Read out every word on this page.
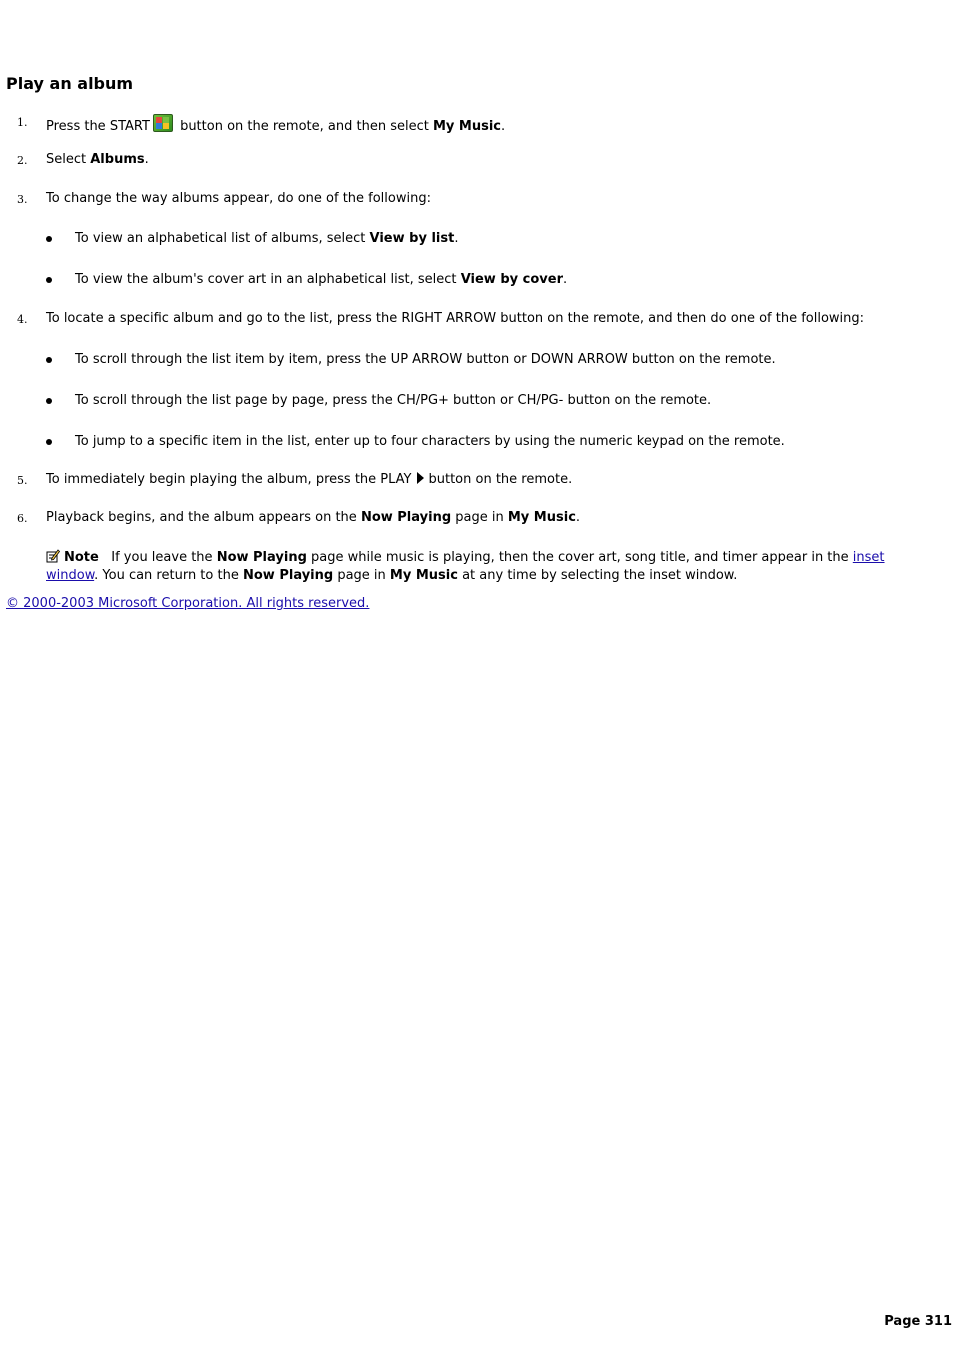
Play an album
1. Press the START button on the remote, and then select My Music.
2. Select Albums.
3. To change the way albums appear, do one of the following:
To view an alphabetical list of albums, select View by list.
To view the album's cover art in an alphabetical list, select View by cover.
4. To locate a specific album and go to the list, press the RIGHT ARROW button on the remote, and then do one of the following:
To scroll through the list item by item, press the UP ARROW button or DOWN ARROW button on the remote.
To scroll through the list page by page, press the CH/PG+ button or CH/PG- button on the remote.
To jump to a specific item in the list, enter up to four characters by using the numeric keypad on the remote.
5. To immediately begin playing the album, press the PLAY button on the remote.
6. Playback begins, and the album appears on the Now Playing page in My Music.
Note If you leave the Now Playing page while music is playing, then the cover art, song title, and timer appear in the inset window. You can return to the Now Playing page in My Music at any time by selecting the inset window.
© 2000-2003 Microsoft Corporation. All rights reserved.
Page 311
